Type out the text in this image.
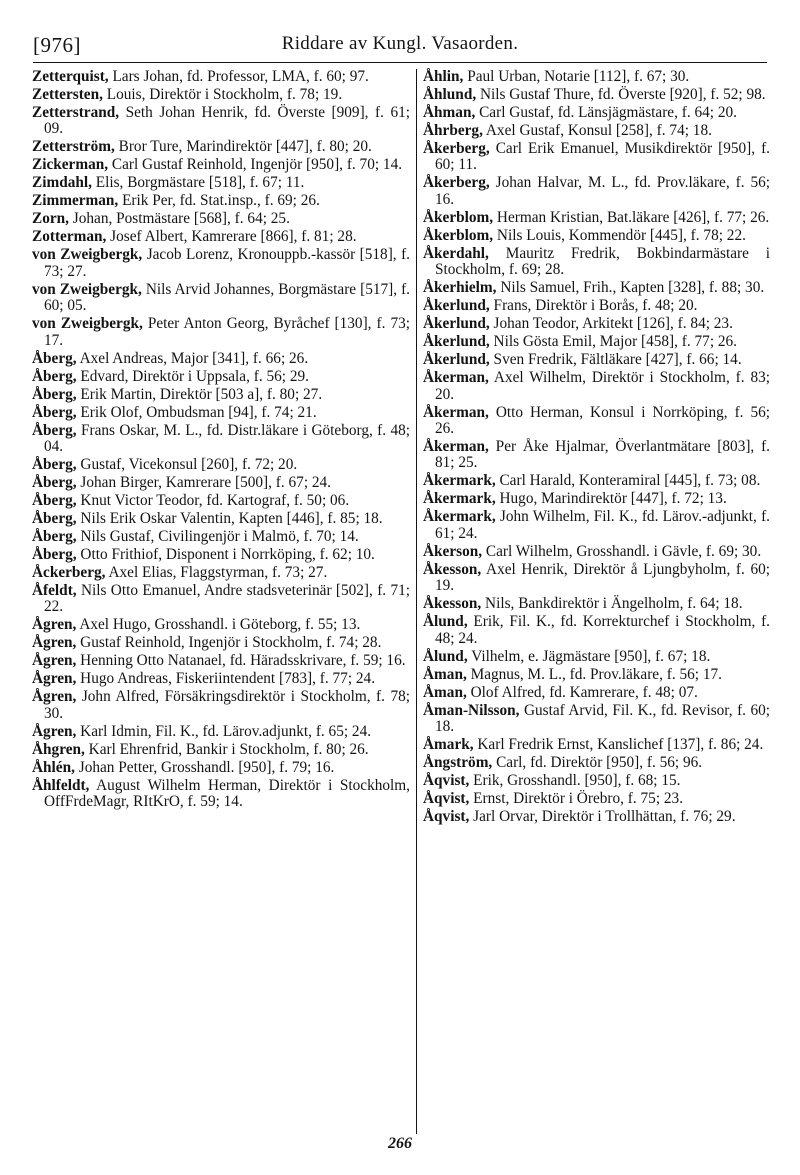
[976]	Riddare av Kungl. Vasaorden.

Zetterquist, Lars Johan, fd. Professor, LMA, f. 60; 97.

Zettersten, Louis, Direktör i Stockholm, f. 78; 19.

Zetterstrand, Seth Johan Henrik, fd. Överste [909], f. 61; 09.

Zetterström, Bror Ture, Marindirektör [447], f. 80; 20.

Zickerman, Carl Gustaf Reinhold, Ingenjör [950], f. 70; 14.

Zimdahl, Elis, Borgmästare [518], f. 67; 11.

Zimmerman, Erik Per, fd. Stat.insp., f. 69; 26.

Zorn, Johan, Postmästare [568], f. 64; 25.

Zotterman, Josef Albert, Kamrerare [866], f. 81; 28.

von Zweigbergk, Jacob Lorenz, Kronouppb.-kassör [518], f. 73; 27.

von Zweigbergk, Nils Arvid Johannes, Borgmästare [517], f. 60; 05.

von Zweigbergk, Peter Anton Georg, Byråchef [130], f. 73; 17.

Åberg, Axel Andreas, Major [341], f. 66; 26.

Åberg, Edvard, Direktör i Uppsala, f. 56; 29.

Åberg, Erik Martin, Direktör [503 a], f. 80; 27.

Åberg, Erik Olof, Ombudsman [94], f. 74; 21.

Åberg, Frans Oskar, M. L., fd. Distr.läkare i Göteborg, f. 48; 04.

Åberg, Gustaf, Vicekonsul [260], f. 72; 20.

Åberg, Johan Birger, Kamrerare [500], f. 67; 24.

Åberg, Knut Victor Teodor, fd. Kartograf, f. 50; 06.

Åberg, Nils Erik Oskar Valentin, Kapten [446], f. 85; 18.

Åberg, Nils Gustaf, Civilingenjör i Malmö, f. 70; 14.

Åberg, Otto Frithiof, Disponent i Norrköping, f. 62; 10.

Åckerberg, Axel Elias, Flaggstyrman, f. 73; 27.

Åfeldt, Nils Otto Emanuel, Andre stadsveterinär [502], f. 71; 22.

Ågren, Axel Hugo, Grosshandl. i Göteborg, f. 55; 13.

Ågren, Gustaf Reinhold, Ingenjör i Stockholm, f. 74; 28.

Ågren, Henning Otto Natanael, fd. Häradsskrivare, f. 59; 16.

Ågren, Hugo Andreas, Fiskeriintendent [783], f. 77; 24.

Ågren, John Alfred, Försäkringsdirektör i Stockholm, f. 78; 30.

Ågren, Karl Idmin, Fil. K., fd. Lärov.adjunkt, f. 65; 24.

Åhgren, Karl Ehrenfrid, Bankir i Stockholm, f. 80; 26.

Åhlén, Johan Petter, Grosshandl. [950], f. 79; 16.

Åhlfeldt, August Wilhelm Herman, Direktör i Stockholm, OffFrdeMagr, RItKrO, f. 59; 14.

Åhlin, Paul Urban, Notarie [112], f. 67; 30.

Åhlund, Nils Gustaf Thure, fd. Överste [920], f. 52; 98.

Åhman, Carl Gustaf, fd. Länsjägmästare, f. 64; 20.

Åhrberg, Axel Gustaf, Konsul [258], f. 74; 18.

Åkerberg, Carl Erik Emanuel, Musikdirektör [950], f. 60; 11.

Åkerberg, Johan Halvar, M. L., fd. Prov.läkare, f. 56; 16.

Åkerblom, Herman Kristian, Bat.läkare [426], f. 77; 26.

Åkerblom, Nils Louis, Kommendör [445], f. 78; 22.

Åkerdahl, Mauritz Fredrik, Bokbindarmästare i Stockholm, f. 69; 28.

Åkerhielm, Nils Samuel, Frih., Kapten [328], f. 88; 30.

Åkerlund, Frans, Direktör i Borås, f. 48; 20.

Åkerlund, Johan Teodor, Arkitekt [126], f. 84; 23.

Åkerlund, Nils Gösta Emil, Major [458], f. 77; 26.

Åkerlund, Sven Fredrik, Fältläkare [427], f. 66; 14.

Åkerman, Axel Wilhelm, Direktör i Stockholm, f. 83; 20.

Åkerman, Otto Herman, Konsul i Norrköping, f. 56; 26.

Åkerman, Per Åke Hjalmar, Överlantmätare [803], f. 81; 25.

Åkermark, Carl Harald, Konteramiral [445], f. 73; 08.

Åkermark, Hugo, Marindirektör [447], f. 72; 13.

Åkermark, John Wilhelm, Fil. K., fd. Lärov.-adjunkt, f. 61; 24.

Åkerson, Carl Wilhelm, Grosshandl. i Gävle, f. 69; 30.

Åkesson, Axel Henrik, Direktör å Ljungbyholm, f. 60; 19.

Åkesson, Nils, Bankdirektör i Ängelholm, f. 64; 18.

Ålund, Erik, Fil. K., fd. Korrekturchef i Stockholm, f. 48; 24.

Ålund, Vilhelm, e. Jägmästare [950], f. 67; 18.

Åman, Magnus, M. L., fd. Prov.läkare, f. 56; 17.

Åman, Olof Alfred, fd. Kamrerare, f. 48; 07.

Åman-Nilsson, Gustaf Arvid, Fil. K., fd. Revisor, f. 60; 18.

Åmark, Karl Fredrik Ernst, Kanslichef [137], f. 86; 24.

Ångström, Carl, fd. Direktör [950], f. 56; 96.

Åqvist, Erik, Grosshandl. [950], f. 68; 15.

Åqvist, Ernst, Direktör i Örebro, f. 75; 23.

Åqvist, Jarl Orvar, Direktör i Trollhättan, f. 76; 29.

266
